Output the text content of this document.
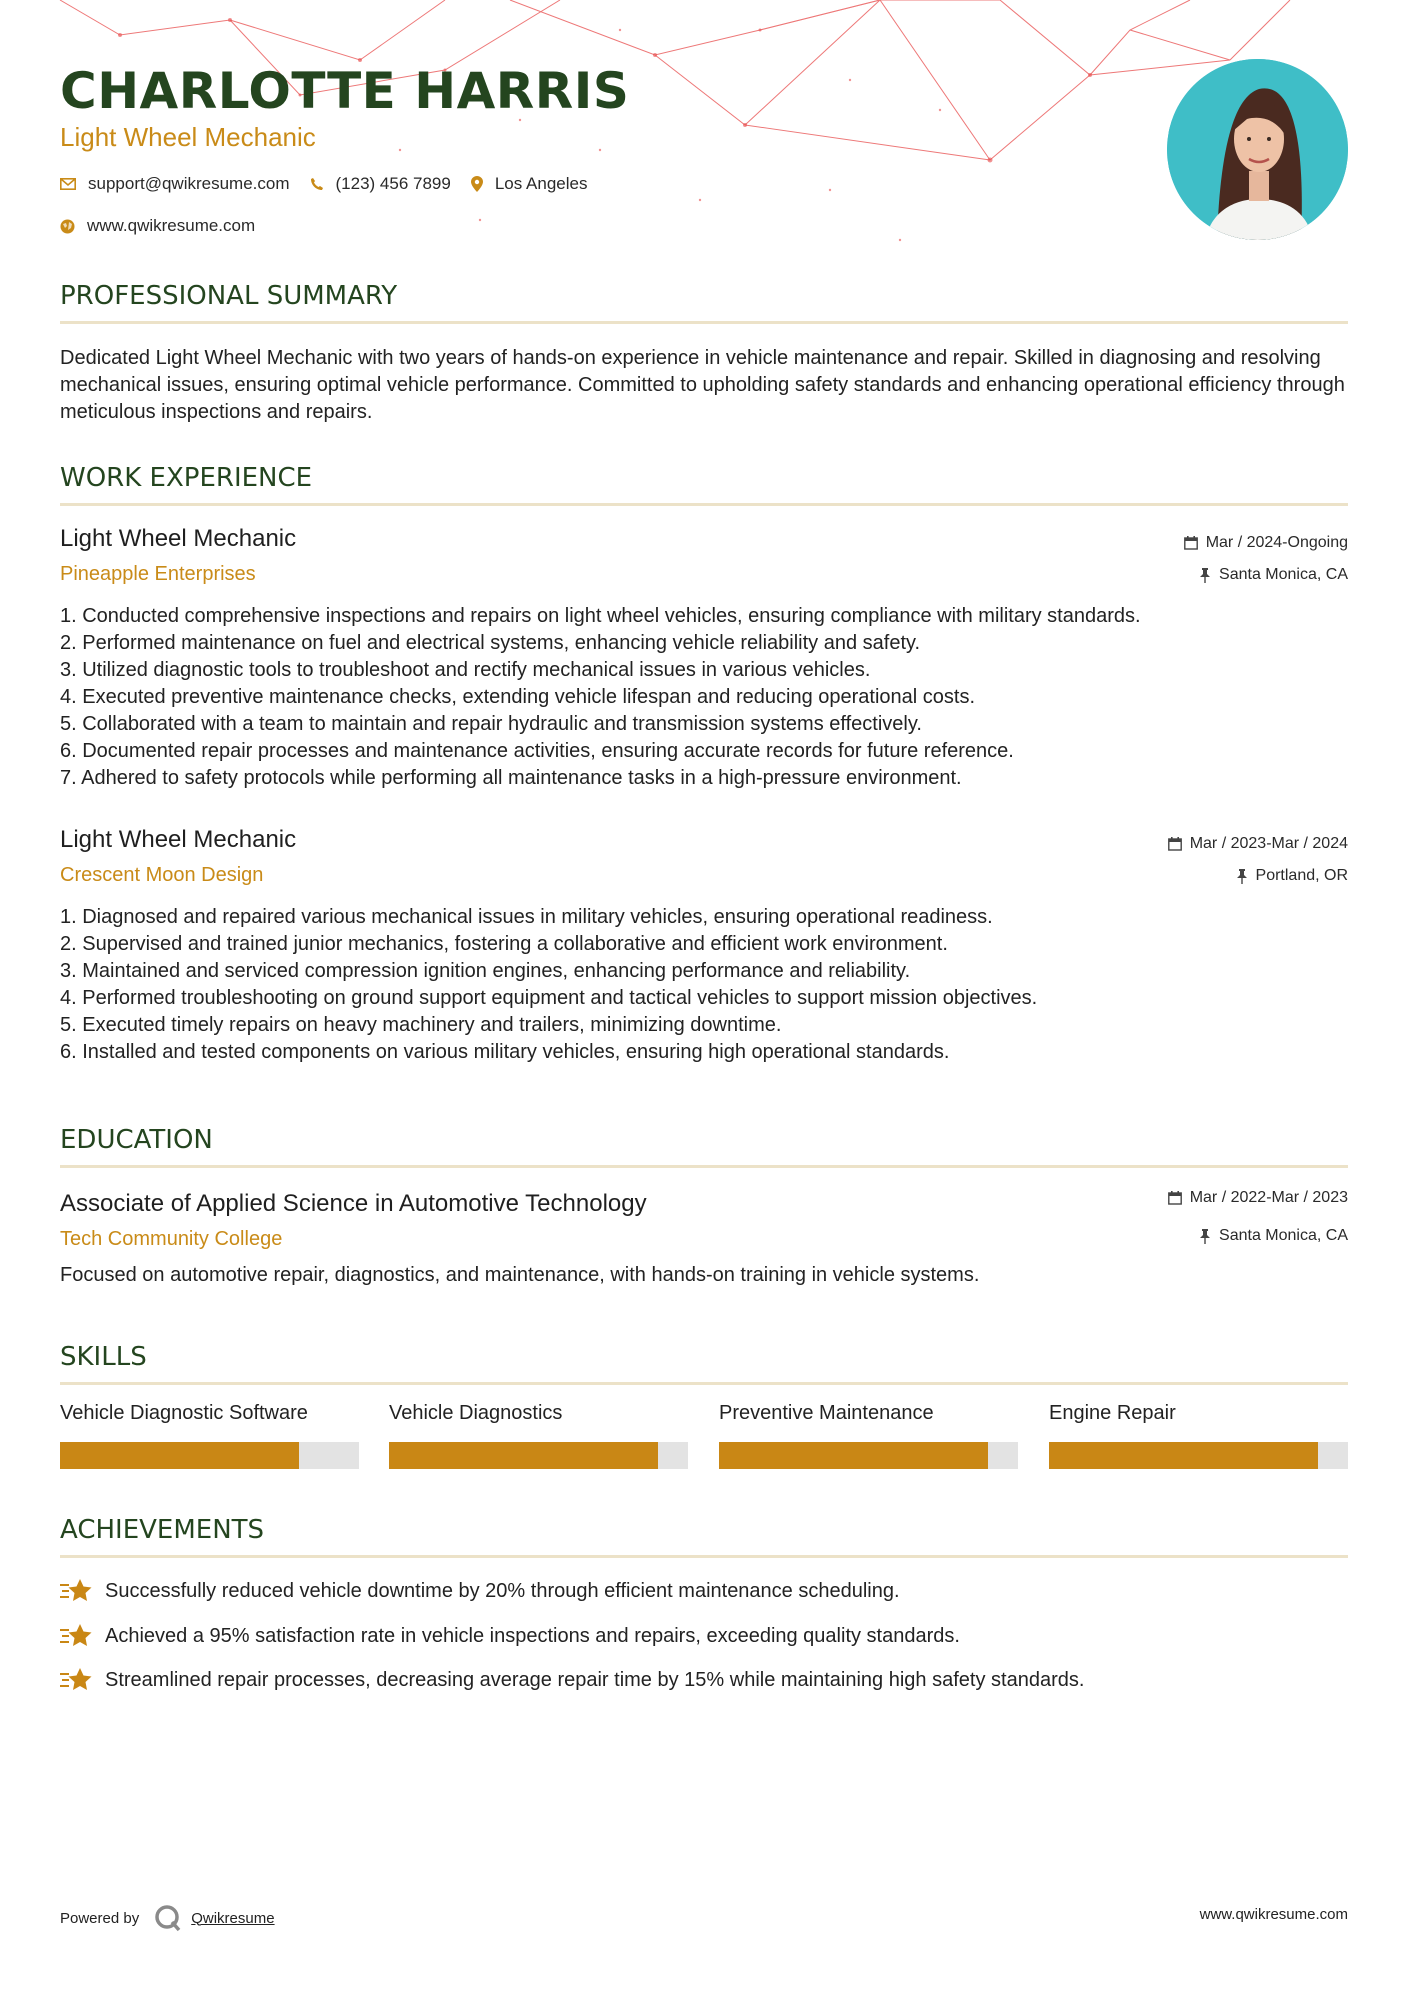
CHARLOTTE HARRIS
Light Wheel Mechanic
support@qwikresume.com	(123) 456 7899	Los Angeles
www.qwikresume.com
PROFESSIONAL SUMMARY

Dedicated Light Wheel Mechanic with two years of hands-on experience in vehicle maintenance and repair. Skilled in diagnosing and resolving mechanical issues, ensuring optimal vehicle performance. Committed to upholding safety standards and enhancing operational efficiency through meticulous inspections and repairs.

WORK EXPERIENCE
Light Wheel Mechanic
Pineapple Enterprises
Mar / 2024-Ongoing
Santa Monica, CA
1. Conducted comprehensive inspections and repairs on light wheel vehicles, ensuring compliance with military standards.
2. Performed maintenance on fuel and electrical systems, enhancing vehicle reliability and safety.
3. Utilized diagnostic tools to troubleshoot and rectify mechanical issues in various vehicles.
4. Executed preventive maintenance checks, extending vehicle lifespan and reducing operational costs.
5. Collaborated with a team to maintain and repair hydraulic and transmission systems effectively.
6. Documented repair processes and maintenance activities, ensuring accurate records for future reference.
7. Adhered to safety protocols while performing all maintenance tasks in a high-pressure environment.
Light Wheel Mechanic
Crescent Moon Design
Mar / 2023-Mar / 2024
Portland, OR
1. Diagnosed and repaired various mechanical issues in military vehicles, ensuring operational readiness.
2. Supervised and trained junior mechanics, fostering a collaborative and efficient work environment.
3. Maintained and serviced compression ignition engines, enhancing performance and reliability.
4. Performed troubleshooting on ground support equipment and tactical vehicles to support mission objectives.
5. Executed timely repairs on heavy machinery and trailers, minimizing downtime.
6. Installed and tested components on various military vehicles, ensuring high operational standards.
EDUCATION
Associate of Applied Science in Automotive Technology
Tech Community College
Mar / 2022-Mar / 2023
Santa Monica, CA

Focused on automotive repair, diagnostics, and maintenance, with hands-on training in vehicle systems.

SKILLS
Vehicle Diagnostic Software	Vehicle Diagnostics	Preventive Maintenance	Engine Repair
ACHIEVEMENTS
Successfully reduced vehicle downtime by 20% through efficient maintenance scheduling.
Achieved a 95% satisfaction rate in vehicle inspections and repairs, exceeding quality standards.
Streamlined repair processes, decreasing average repair time by 15% while maintaining high safety standards.
Powered by	Qwikresume	www.qwikresume.com
